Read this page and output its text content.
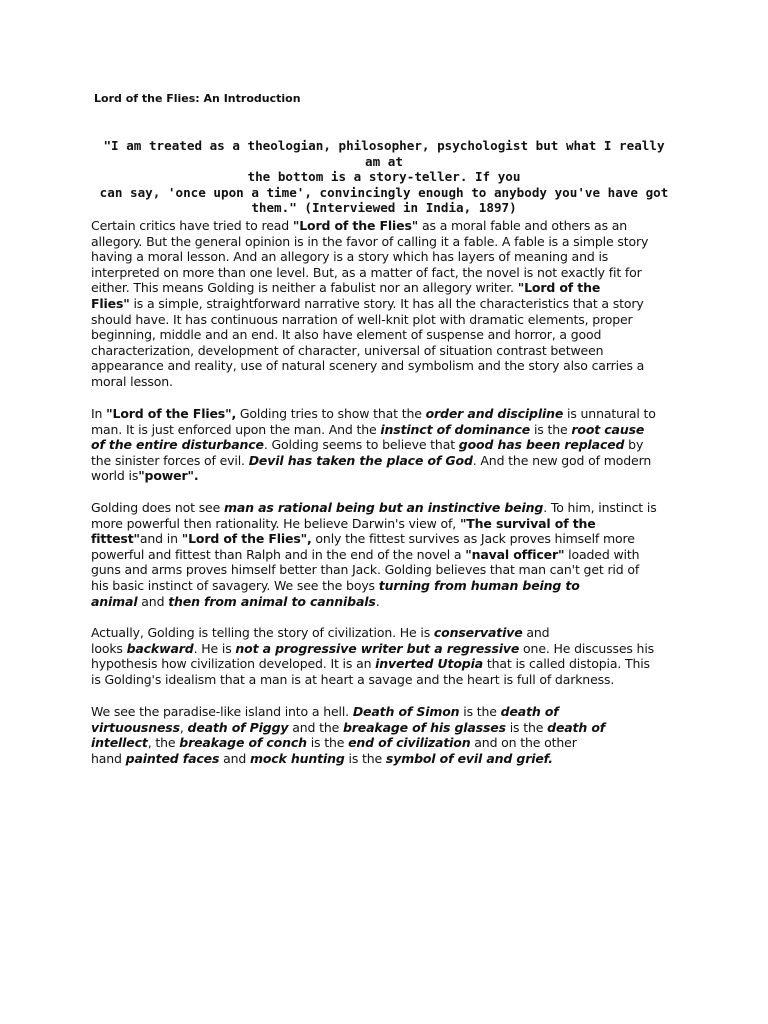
Lord of the Flies: An Introduction
"I am treated as a theologian, philosopher, psychologist but what I really am at
the bottom is a story-teller. If you
can say, 'once upon a time', convincingly enough to anybody you've have got
them." (Interviewed in India, 1897)
Certain critics have tried to read "Lord of the Flies" as a moral fable and others as an
allegory. But the general opinion is in the favor of calling it a fable. A fable is a simple story
having a moral lesson. And an allegory is a story which has layers of meaning and is
interpreted on more than one level. But, as a matter of fact, the novel is not exactly fit for
either. This means Golding is neither a fabulist nor an allegory writer. "Lord of the
Flies" is a simple, straightforward narrative story. It has all the characteristics that a story
should have. It has continuous narration of well-knit plot with dramatic elements, proper
beginning, middle and an end. It also have element of suspense and horror, a good
characterization, development of character, universal of situation contrast between
appearance and reality, use of natural scenery and symbolism and the story also carries a
moral lesson.
In "Lord of the Flies", Golding tries to show that the order and discipline is unnatural to
man. It is just enforced upon the man. And the instinct of dominance is the root cause
of the entire disturbance. Golding seems to believe that good has been replaced by
the sinister forces of evil. Devil has taken the place of God. And the new god of modern
world is"power".
Golding does not see man as rational being but an instinctive being. To him, instinct is
more powerful then rationality. He believe Darwin's view of, "The survival of the
fittest"and in "Lord of the Flies", only the fittest survives as Jack proves himself more
powerful and fittest than Ralph and in the end of the novel a "naval officer" loaded with
guns and arms proves himself better than Jack. Golding believes that man can't get rid of
his basic instinct of savagery. We see the boys turning from human being to
animal and then from animal to cannibals.
Actually, Golding is telling the story of civilization. He is conservative and
looks backward. He is not a progressive writer but a regressive one. He discusses his
hypothesis how civilization developed. It is an inverted Utopia that is called distopia. This
is Golding's idealism that a man is at heart a savage and the heart is full of darkness.
We see the paradise-like island into a hell. Death of Simon is the death of
virtuousness, death of Piggy and the breakage of his glasses is the death of
intellect, the breakage of conch is the end of civilization and on the other
hand painted faces and mock hunting is the symbol of evil and grief.
